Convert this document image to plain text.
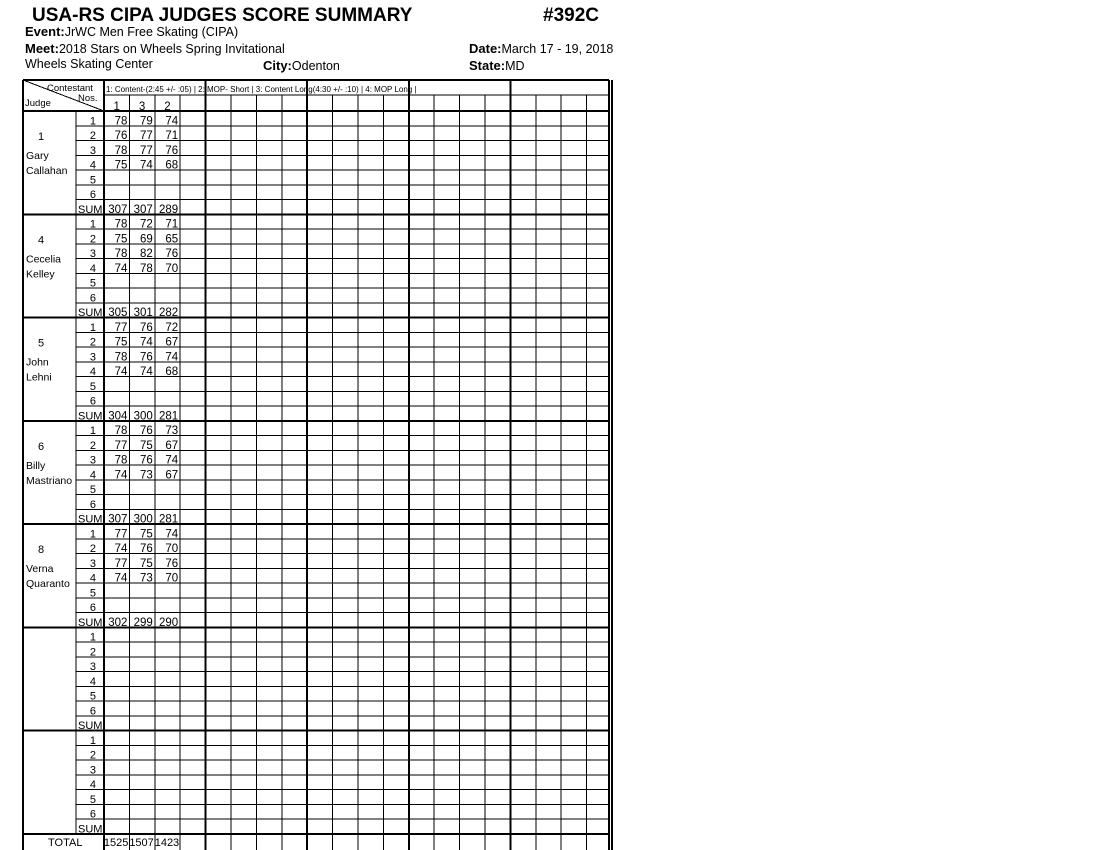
USA-RS CIPA JUDGES SCORE SUMMARY	#392C
Event:JrWC Men Free Skating (CIPA)
Meet:2018 Stars on Wheels Spring Invitational	Date:March 17 - 19, 2018
Wheels Skating Center	City:Odenton	State:MD
Contestant
Nos.
Judge
1: Content-(2:45 +/- :05) | 2: MOP- Short | 3: Content Long(4:30 +/- :10) | 4: MOP Long |
1 3 2
1
Gary
Callahan
1 78 79 74
2 76 77 71
3 78 77 76
4 75 74 68
5
6
SUM 307 307 289
4
Cecelia
Kelley
1 78 72 71
2 75 69 65
3 78 82 76
4 74 78 70
5
6
SUM 305 301 282
5
John
Lehni
1 77 76 72
2 75 74 67
3 78 76 74
4 74 74 68
5
6
SUM 304 300 281
6
Billy
Mastriano
1 78 76 73
2 77 75 67
3 78 76 74
4 74 73 67
5
6
SUM 307 300 281
8
Verna
Quaranto
1 77 75 74
2 74 76 70
3 77 75 76
4 74 73 70
5
6
SUM 302 299 290
1
2
3
4
5
6
SUM
1
2
3
4
5
6
SUM
TOTAL 1525 1507 1423
